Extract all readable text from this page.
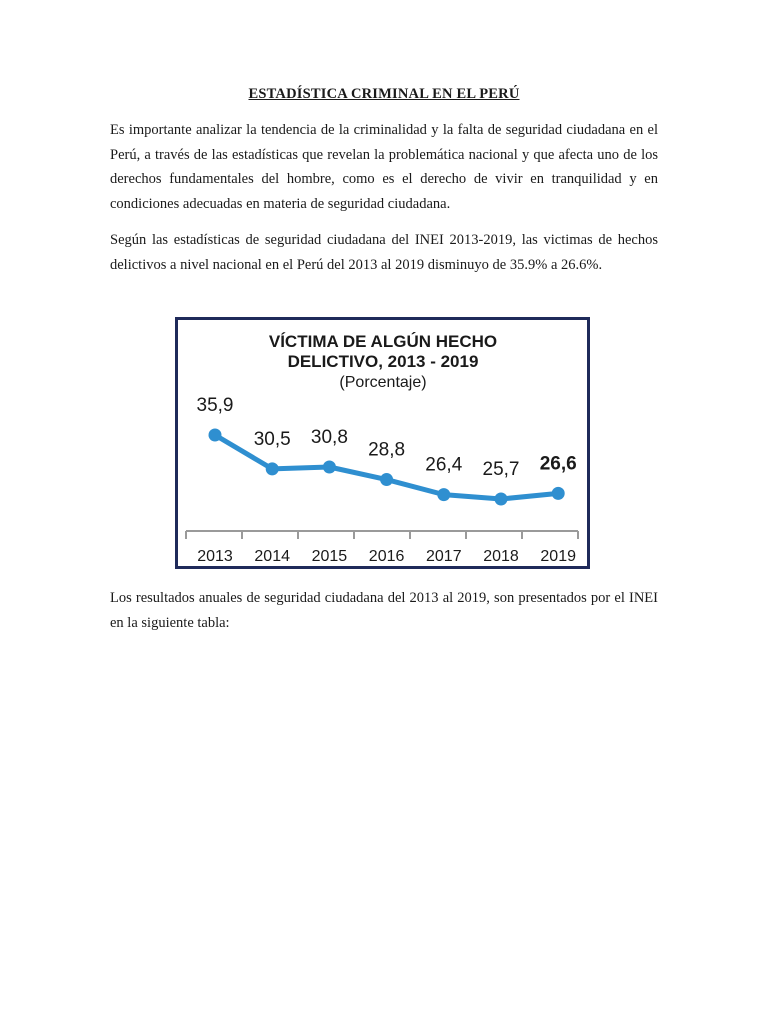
ESTADÍSTICA CRIMINAL EN EL PERÚ

Es importante analizar la tendencia de la criminalidad y la falta de seguridad ciudadana en el Perú, a través de las estadísticas que revelan la problemática nacional y que afecta uno de los derechos fundamentales del hombre, como es el derecho de vivir en tranquilidad y en condiciones adecuadas en materia de seguridad ciudadana.

Según las estadísticas de seguridad ciudadana del INEI 2013-2019, las victimas de hechos delictivos a nivel nacional en el Perú del 2013 al 2019 disminuyo de 35.9% a 26.6%.

VÍCTIMA DE ALGÚN HECHO
DELICTIVO, 2013 - 2019
(Porcentaje)
2013 2014 2015 2016 2017 2018 2019
35,9
30,5 30,8
28,8
26,4 25,7 26,6

Los resultados anuales de seguridad ciudadana del 2013 al 2019, son presentados por el INEI en la siguiente tabla:
